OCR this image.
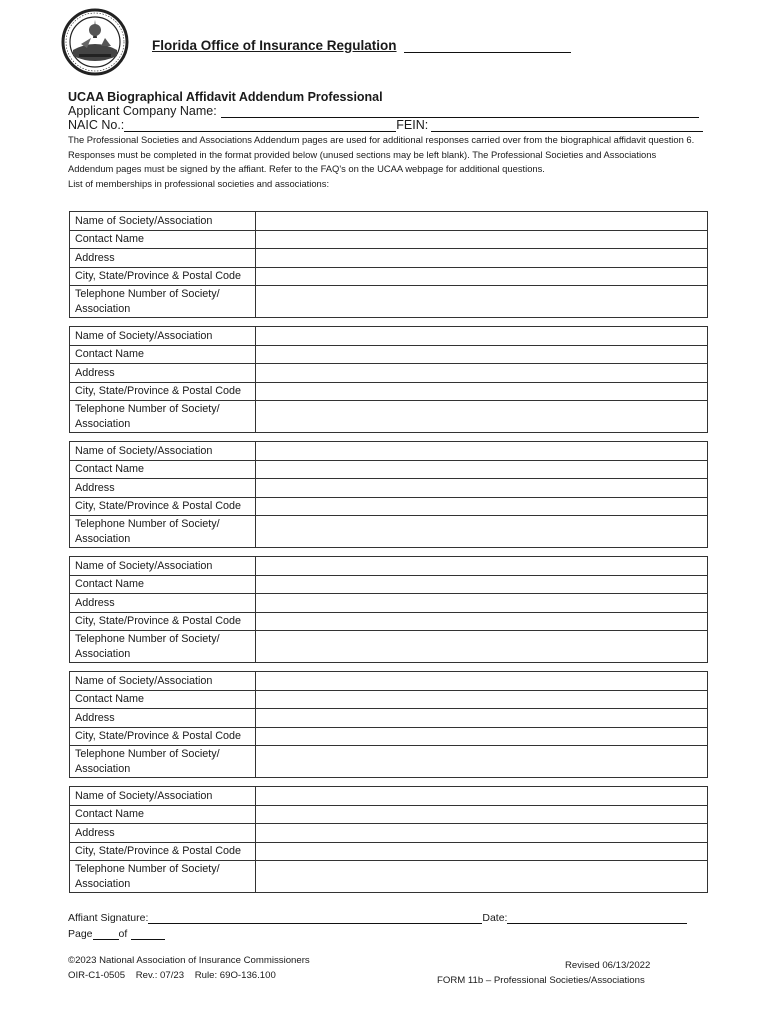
Florida Office of Insurance Regulation
UCAA Biographical Affidavit Addendum Professional
Applicant Company Name:
NAIC No.:	FEIN:

The Professional Societies and Associations Addendum pages are used for additional responses carried over from the biographical affidavit question 6. Responses must be completed in the format provided below (unused sections may be left blank). The Professional Societies and Associations Addendum pages must be signed by the affiant. Refer to the FAQ's on the UCAA webpage for additional questions.

List of memberships in professional societies and associations:

Name of Society/Association	
Contact Name	
Address	
City, State/Province & Postal Code	
Telephone Number of Society/ Association	
Name of Society/Association	
Contact Name	
Address	
City, State/Province & Postal Code	
Telephone Number of Society/ Association	
Name of Society/Association	
Contact Name	
Address	
City, State/Province & Postal Code	
Telephone Number of Society/ Association	
Name of Society/Association	
Contact Name	
Address	
City, State/Province & Postal Code	
Telephone Number of Society/ Association	
Name of Society/Association	
Contact Name	
Address	
City, State/Province & Postal Code	
Telephone Number of Society/ Association	
Name of Society/Association	
Contact Name	
Address	
City, State/Province & Postal Code	
Telephone Number of Society/ Association	
Affiant Signature:	Date:
Page of
©2023 National Association of Insurance Commissioners
OIR-C1-0505    Rev.: 07/23    Rule: 69O-136.100
Revised 06/13/2022
FORM 11b – Professional Societies/Associations
